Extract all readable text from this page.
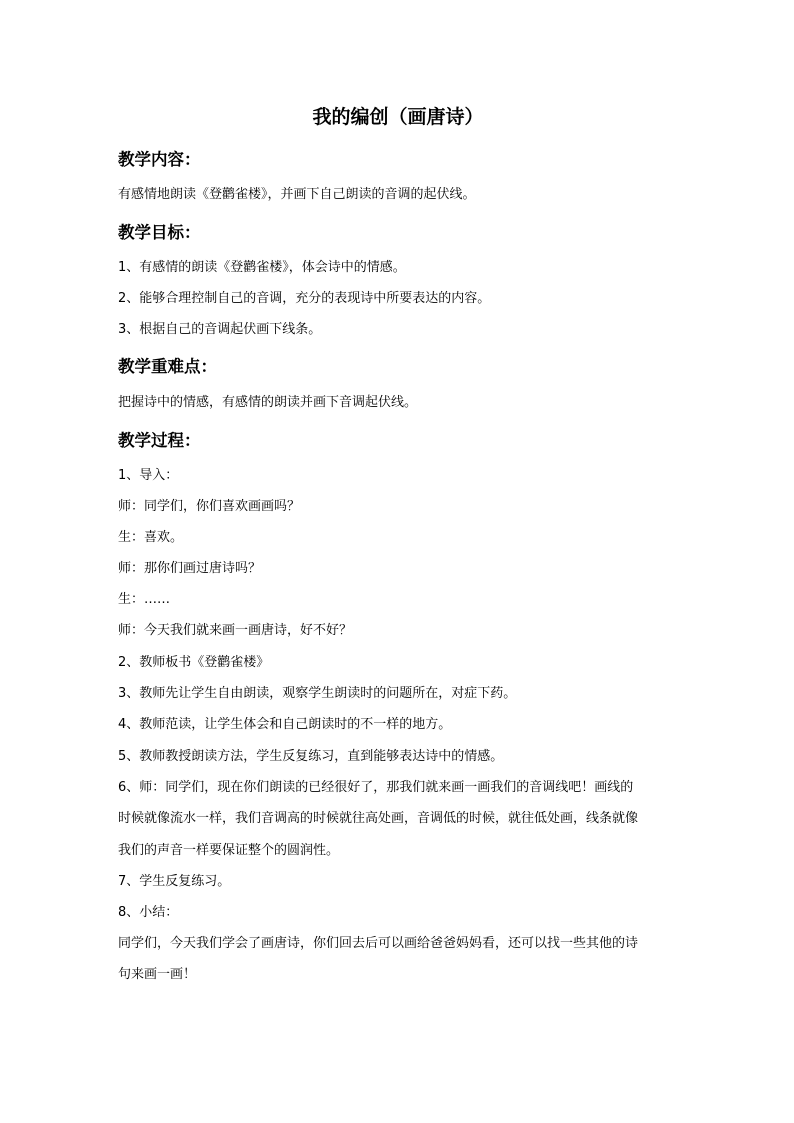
我的编创（画唐诗）
教学内容：
有感情地朗读《登鹳雀楼》，并画下自己朗读的音调的起伏线。
教学目标：
1、有感情的朗读《登鹳雀楼》，体会诗中的情感。
2、能够合理控制自己的音调，充分的表现诗中所要表达的内容。
3、根据自己的音调起伏画下线条。
教学重难点：
把握诗中的情感，有感情的朗读并画下音调起伏线。
教学过程：
1、导入：
师：同学们，你们喜欢画画吗？
生：喜欢。
师：那你们画过唐诗吗？
生：……
师：今天我们就来画一画唐诗，好不好？
2、教师板书《登鹳雀楼》
3、教师先让学生自由朗读，观察学生朗读时的问题所在，对症下药。
4、教师范读，让学生体会和自己朗读时的不一样的地方。
5、教师教授朗读方法，学生反复练习，直到能够表达诗中的情感。
6、师：同学们，现在你们朗读的已经很好了，那我们就来画一画我们的音调线吧！画线的
时候就像流水一样，我们音调高的时候就往高处画，音调低的时候，就往低处画，线条就像
我们的声音一样要保证整个的圆润性。
7、学生反复练习。
8、小结：
同学们，今天我们学会了画唐诗，你们回去后可以画给爸爸妈妈看，还可以找一些其他的诗
句来画一画！
